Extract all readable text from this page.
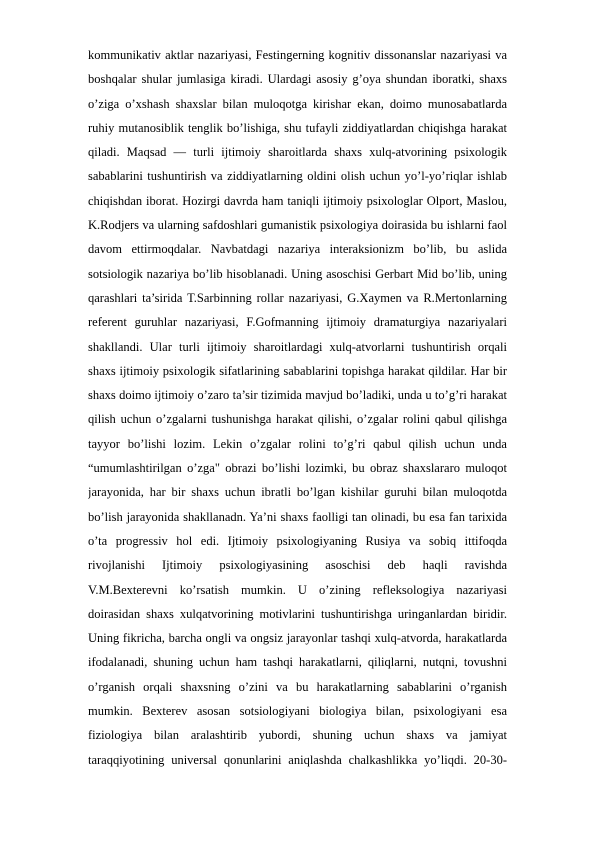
kommunikativ aktlar nazariyasi, Festingerning kognitiv dissonanslar nazariyasi va
boshqalar shular jumlasiga kiradi. Ulardagi asosiy g’oya shundan iboratki, shaxs
o’ziga o’xshash shaxslar bilan muloqotga kirishar ekan, doimo munosabatlarda
ruhiy mutanosiblik tenglik bo’lishiga, shu tufayli ziddiyatlardan chiqishga harakat
qiladi. Maqsad — turli ijtimoiy sharoitlarda shaxs xulq-atvorining psixologik
sabablarini tushuntirish va ziddiyatlarning oldini olish uchun yo’l-yo’riqlar ishlab
chiqishdan iborat. Hozirgi davrda ham taniqli ijtimoiy psixologlar Olport, Maslou,
K.Rodjers va ularning safdoshlari gumanistik psixologiya doirasida bu ishlarni faol
davom ettirmoqdalar. Navbatdagi nazariya interaksionizm bo’lib, bu aslida
sotsiologik nazariya bo’lib hisoblanadi. Uning asoschisi Gerbart Mid bo’lib, uning
qarashlari ta’sirida T.Sarbinning rollar nazariyasi, G.Xaymen va R.Mertonlarning
referent guruhlar nazariyasi, F.Gofmanning ijtimoiy dramaturgiya nazariyalari
shakllandi. Ular turli ijtimoiy sharoitlardagi xulq-atvorlarni tushuntirish orqali
shaxs ijtimoiy psixologik sifatlarining sabablarini topishga harakat qildilar. Har bir
shaxs doimo ijtimoiy o’zaro ta’sir tizimida mavjud bo’ladiki, unda u to’g’ri harakat
qilish uchun o’zgalarni tushunishga harakat qilishi, o’zgalar rolini qabul qilishga
tayyor bo’lishi lozim. Lekin o’zgalar rolini to’g’ri qabul qilish uchun unda
“umumlashtirilgan o’zga" obrazi bo’lishi lozimki, bu obraz shaxslararo muloqot
jarayonida, har bir shaxs uchun ibratli bo’lgan kishilar guruhi bilan muloqotda
bo’lish jarayonida shakllanadn. Ya’ni shaxs faolligi tan olinadi, bu esa fan tarixida
o’ta progressiv hol edi. Ijtimoiy psixologiyaning Rusiya va sobiq ittifoqda
rivojlanishi Ijtimoiy psixologiyasining asoschisi deb haqli ravishda
V.M.Bexterevni ko’rsatish mumkin. U o’zining refleksologiya nazariyasi
doirasidan shaxs xulqatvorining motivlarini tushuntirishga uringanlardan biridir.
Uning fikricha, barcha ongli va ongsiz jarayonlar tashqi xulq-atvorda, harakatlarda
ifodalanadi, shuning uchun ham tashqi harakatlarni, qiliqlarni, nutqni, tovushni
o’rganish orqali shaxsning o’zini va bu harakatlarning sabablarini o’rganish
mumkin. Bexterev asosan sotsiologiyani biologiya bilan, psixologiyani esa
fiziologiya bilan aralashtirib yubordi, shuning uchun shaxs va jamiyat
taraqqiyotining universal qonunlarini aniqlashda chalkashlikka yo’liqdi. 20-30-
